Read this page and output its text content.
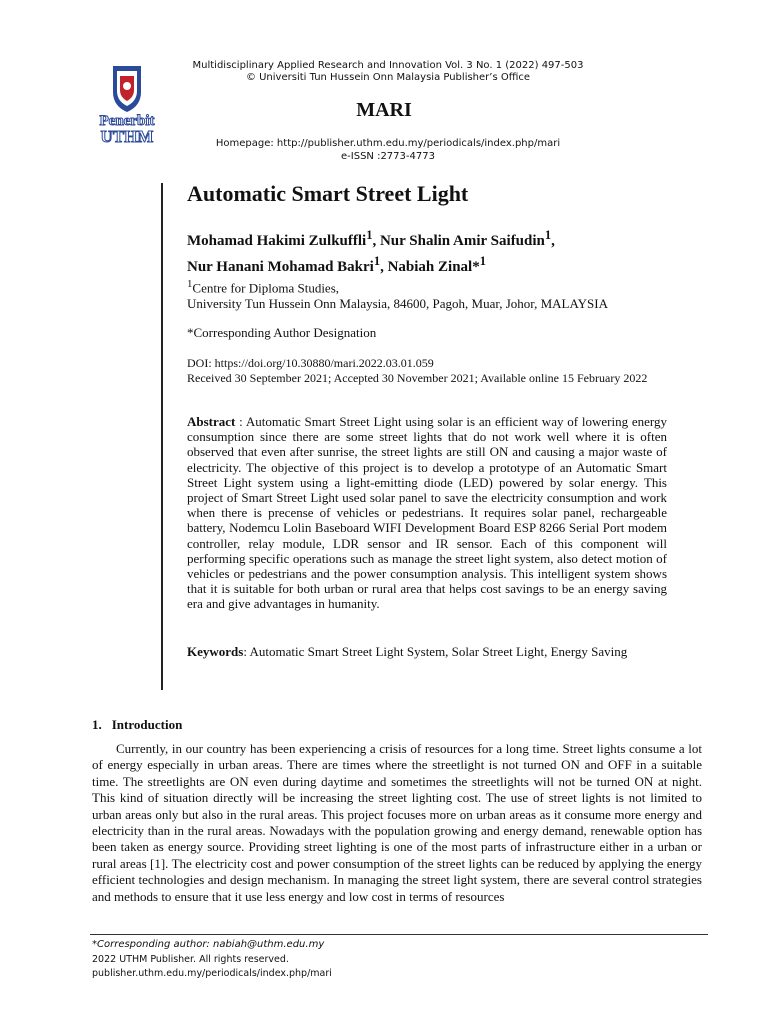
Multidisciplinary Applied Research and Innovation Vol. 3 No. 1 (2022) 497-503
© Universiti Tun Hussein Onn Malaysia Publisher’s Office
MARI
Homepage: http://publisher.uthm.edu.my/periodicals/index.php/mari
e-ISSN :2773-4773
Penerbit
UTHM
Automatic Smart Street Light
Mohamad Hakimi Zulkuffli$^1$, Nur Shalin Amir Saifudin$^1$,
Nur Hanani Mohamad Bakri$^1$, Nabiah Zinal*$^1$
$^1$Centre for Diploma Studies,
University Tun Hussein Onn Malaysia, 84600, Pagoh, Muar, Johor, MALAYSIA
*Corresponding Author Designation
DOI: https://doi.org/10.30880/mari.2022.03.01.059
Received 30 September 2021; Accepted 30 November 2021; Available online 15 February 2022
Abstract : Automatic Smart Street Light using solar is an efficient way of lowering energy consumption since there are some street lights that do not work well where it is often observed that even after sunrise, the street lights are still ON and causing a major waste of electricity. The objective of this project is to develop a prototype of an Automatic Smart Street Light system using a light-emitting diode (LED) powered by solar energy. This project of Smart Street Light used solar panel to save the electricity consumption and work when there is precense of vehicles or pedestrians. It requires solar panel, rechargeable battery, Nodemcu Lolin Baseboard WIFI Development Board ESP 8266 Serial Port modem controller, relay module, LDR sensor and IR sensor. Each of this component will performing specific operations such as manage the street light system, also detect motion of vehicles or pedestrians and the power consumption analysis. This intelligent system shows that it is suitable for both urban or rural area that helps cost savings to be an energy saving era and give advantages in humanity.
Keywords: Automatic Smart Street Light System, Solar Street Light, Energy Saving
1. Introduction
Currently, in our country has been experiencing a crisis of resources for a long time. Street lights consume a lot of energy especially in urban areas. There are times where the streetlight is not turned ON and OFF in a suitable time. The streetlights are ON even during daytime and sometimes the streetlights will not be turned ON at night. This kind of situation directly will be increasing the street lighting cost. The use of street lights is not limited to urban areas only but also in the rural areas. This project focuses more on urban areas as it consume more energy and electricity than in the rural areas. Nowadays with the population growing and energy demand, renewable option has been taken as energy source. Providing street lighting is one of the most parts of infrastructure either in a urban or rural areas [1]. The electricity cost and power consumption of the street lights can be reduced by applying the energy efficient technologies and design mechanism. In managing the street light system, there are several control strategies and methods to ensure that it use less energy and low cost in terms of resources
*Corresponding author: nabiah@uthm.edu.my
2022 UTHM Publisher. All rights reserved.
publisher.uthm.edu.my/periodicals/index.php/mari
